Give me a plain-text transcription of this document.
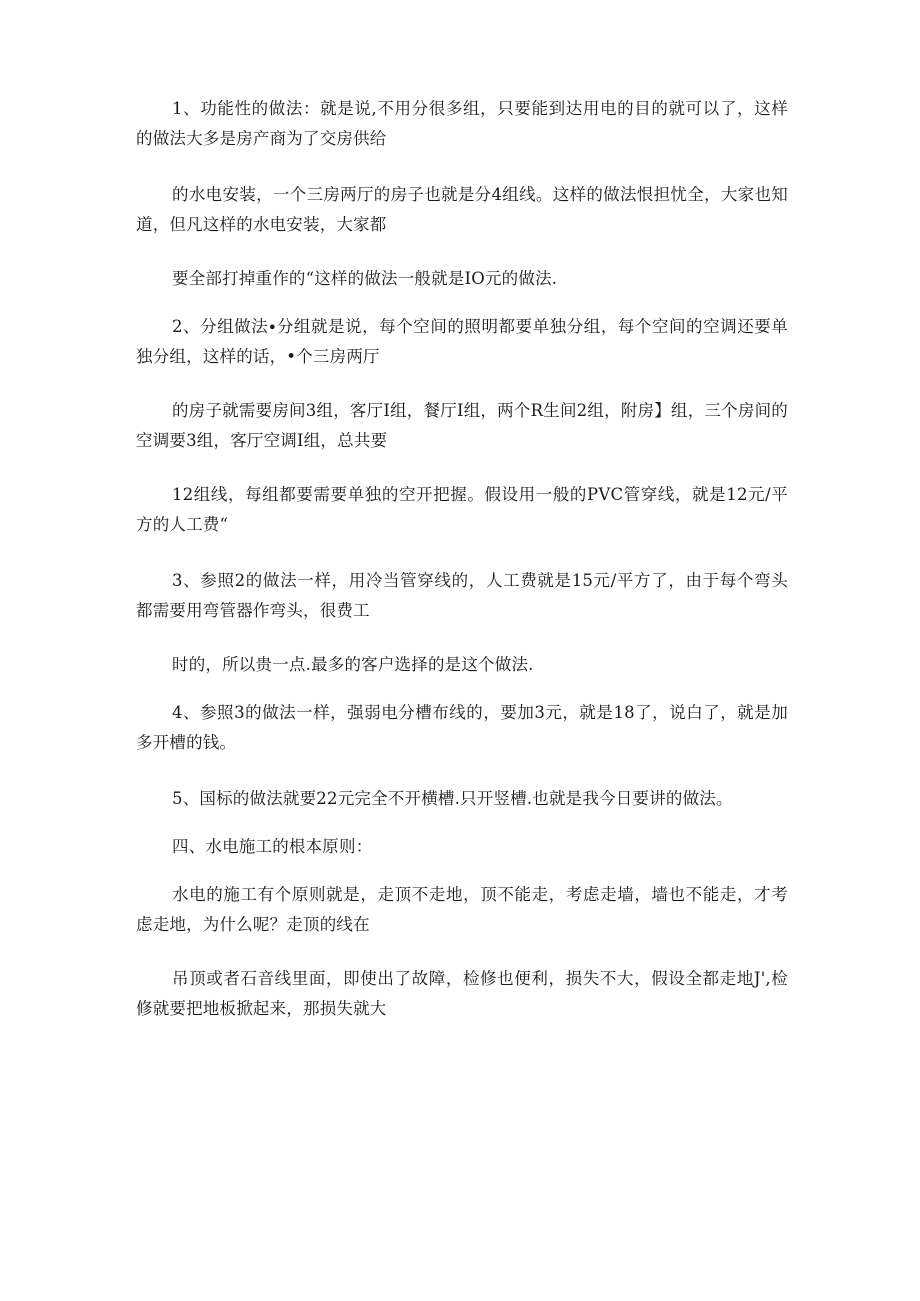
1、功能性的做法：就是说,不用分很多组，只要能到达用电的目的就可以了，这样的做法大多是房产商为了交房供给

的水电安装，一个三房两厅的房子也就是分4组线。这样的做法恨担忧全，大家也知道，但凡这样的水电安装，大家都

要全部打掉重作的“这样的做法一般就是IO元的做法.

2、分组做法∙分组就是说，每个空间的照明都要单独分组，每个空间的空调还要单独分组，这样的话，•个三房两厅

的房子就需要房间3组，客厅I组，餐厅I组，两个R生间2组，附房】组，三个房间的空调要3组，客厅空调I组，总共要

12组线，每组都要需要单独的空开把握。假设用一般的PVC管穿线，就是12元/平方的人工费“

3、参照2的做法一样，用冷当管穿线的，人工费就是15元/平方了，由于每个弯头都需要用弯管器作弯头，很费工

时的，所以贵一点.最多的客户选择的是这个做法.

4、参照3的做法一样，强弱电分槽布线的，要加3元，就是18了，说白了，就是加多开槽的钱。

5、国标的做法就要22元完全不开横槽.只开竖槽.也就是我今日要讲的做法。

四、水电施工的根本原则：

水电的施工有个原则就是，走顶不走地，顶不能走，考虑走墙，墙也不能走，才考虑走地，为什么呢？走顶的线在

吊顶或者石音线里面，即使出了故障，检修也便利，损失不大，假设全都走地J',检修就要把地板掀起来，那损失就大
